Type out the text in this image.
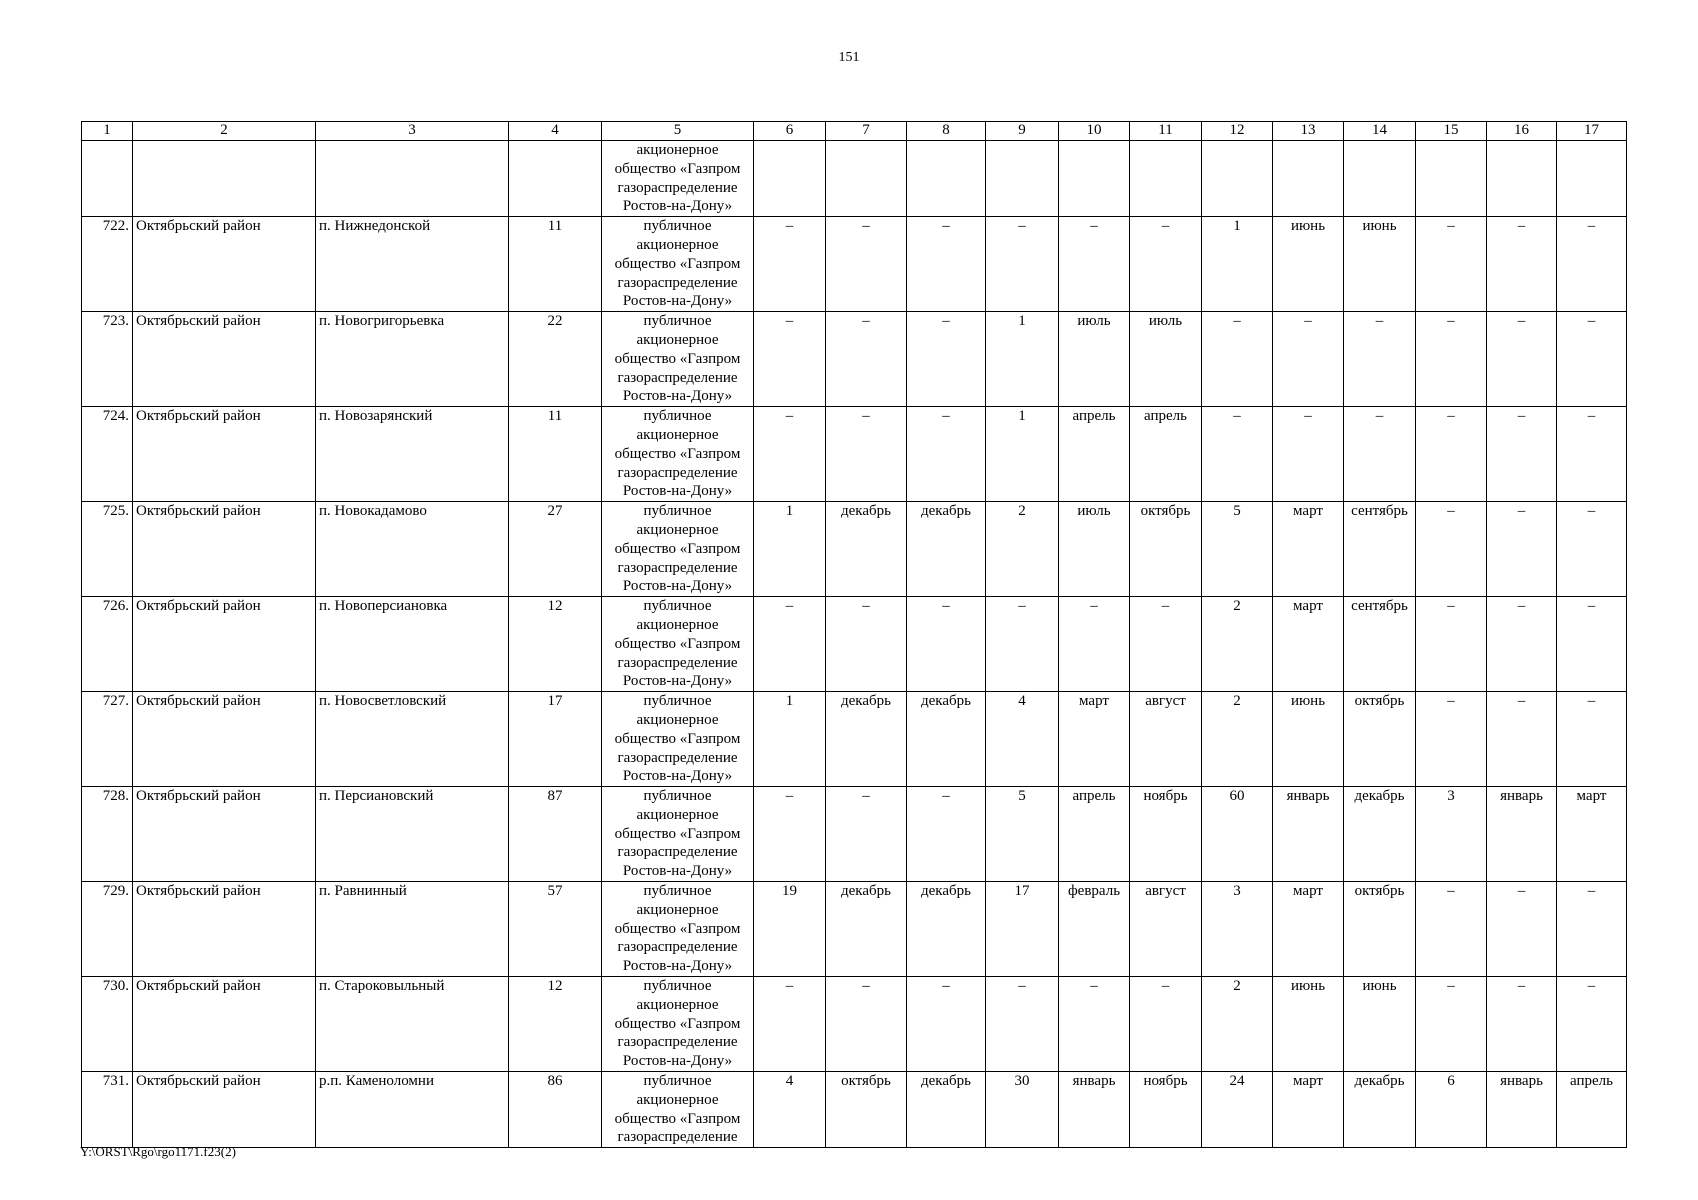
151
1	2	3	4	5	6	7	8	9	10	11	12	13	14	15	16	17

				акционерное
общество «Газпром
газораспределение
Ростов-на-Дону»												

722.	Октябрьский район	п. Нижнедонской	11	публичное
акционерное
общество «Газпром
газораспределение
Ростов-на-Дону»	–	–	–	–	–	–	1	июнь	июнь	–	–	–
723.	Октябрьский район	п. Новогригорьевка	22	публичное
акционерное
общество «Газпром
газораспределение
Ростов-на-Дону»	–	–	–	1	июль	июль	–	–	–	–	–	–
724.	Октябрьский район	п. Новозарянский	11	публичное
акционерное
общество «Газпром
газораспределение
Ростов-на-Дону»	–	–	–	1	апрель	апрель	–	–	–	–	–	–
725.	Октябрьский район	п. Новокадамово	27	публичное
акционерное
общество «Газпром
газораспределение
Ростов-на-Дону»	1	декабрь	декабрь	2	июль	октябрь	5	март	сентябрь	–	–	–
726.	Октябрьский район	п. Новоперсиановка	12	публичное
акционерное
общество «Газпром
газораспределение
Ростов-на-Дону»	–	–	–	–	–	–	2	март	сентябрь	–	–	–
727.	Октябрьский район	п. Новосветловский	17	публичное
акционерное
общество «Газпром
газораспределение
Ростов-на-Дону»	1	декабрь	декабрь	4	март	август	2	июнь	октябрь	–	–	–
728.	Октябрьский район	п. Персиановский	87	публичное
акционерное
общество «Газпром
газораспределение
Ростов-на-Дону»	–	–	–	5	апрель	ноябрь	60	январь	декабрь	3	январь	март
729.	Октябрьский район	п. Равнинный	57	публичное
акционерное
общество «Газпром
газораспределение
Ростов-на-Дону»	19	декабрь	декабрь	17	февраль	август	3	март	октябрь	–	–	–
730.	Октябрьский район	п. Староковыльный	12	публичное
акционерное
общество «Газпром
газораспределение
Ростов-на-Дону»	–	–	–	–	–	–	2	июнь	июнь	–	–	–
731.	Октябрьский район	р.п. Каменоломни	86	публичное
акционерное
общество «Газпром
газораспределение	4	октябрь	декабрь	30	январь	ноябрь	24	март	декабрь	6	январь	апрель
Y:\ORST\Rgo\rgo1171.f23(2)
